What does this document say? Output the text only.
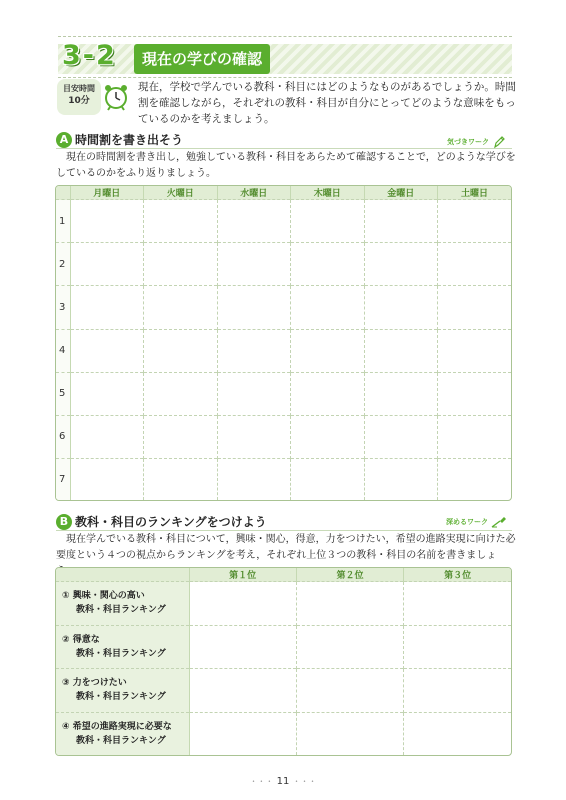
3-2	現在の学びの確認
目安時間
10分
現在，学校で学んでいる教科・科目にはどのようなものがあるでしょうか。時間割を確認しながら，それぞれの教科・科目が自分にとってどのような意味をもっているのかを考えましょう。
A 時間割を書き出そう	気づきワーク
現在の時間割を書き出し，勉強している教科・科目をあらためて確認することで，どのような学びをしているのかをふり返りましょう。
	月曜日	火曜日	水曜日	木曜日	金曜日	土曜日
1						
2						
3						
4						
5						
6						
7						
B 教科・科目のランキングをつけよう	深めるワーク
現在学んでいる教科・科目について，興味・関心，得意，力をつけたい，希望の進路実現に向けた必要度という４つの視点からランキングを考え，それぞれ上位３つの教科・科目の名前を書きましょ
	第１位	第２位	第３位
① 興味・関心の高い
教科・科目ランキング			

② 得意な
教科・科目ランキング			

③ 力をつけたい
教科・科目ランキング			

④ 希望の進路実現に必要な
教科・科目ランキング			

・・・ 11 ・・・
